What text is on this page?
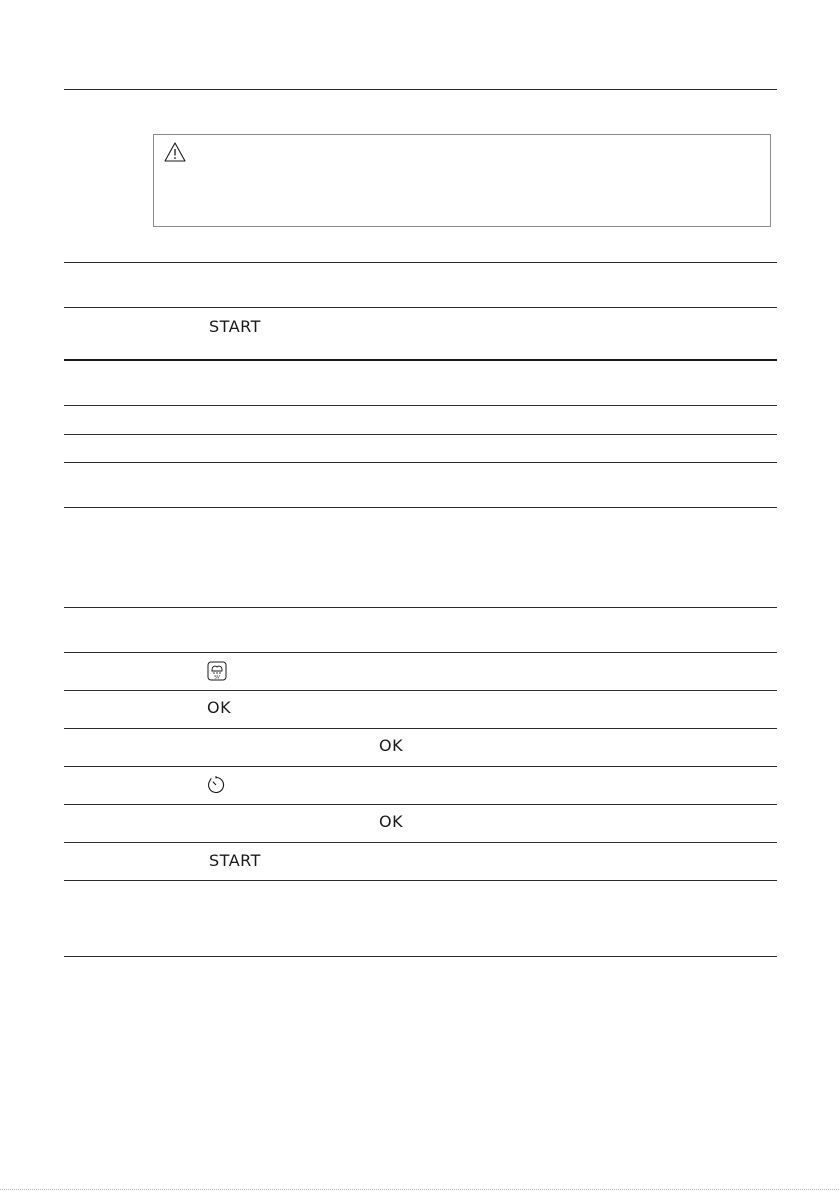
START
SV
OK
OK
OK
START
